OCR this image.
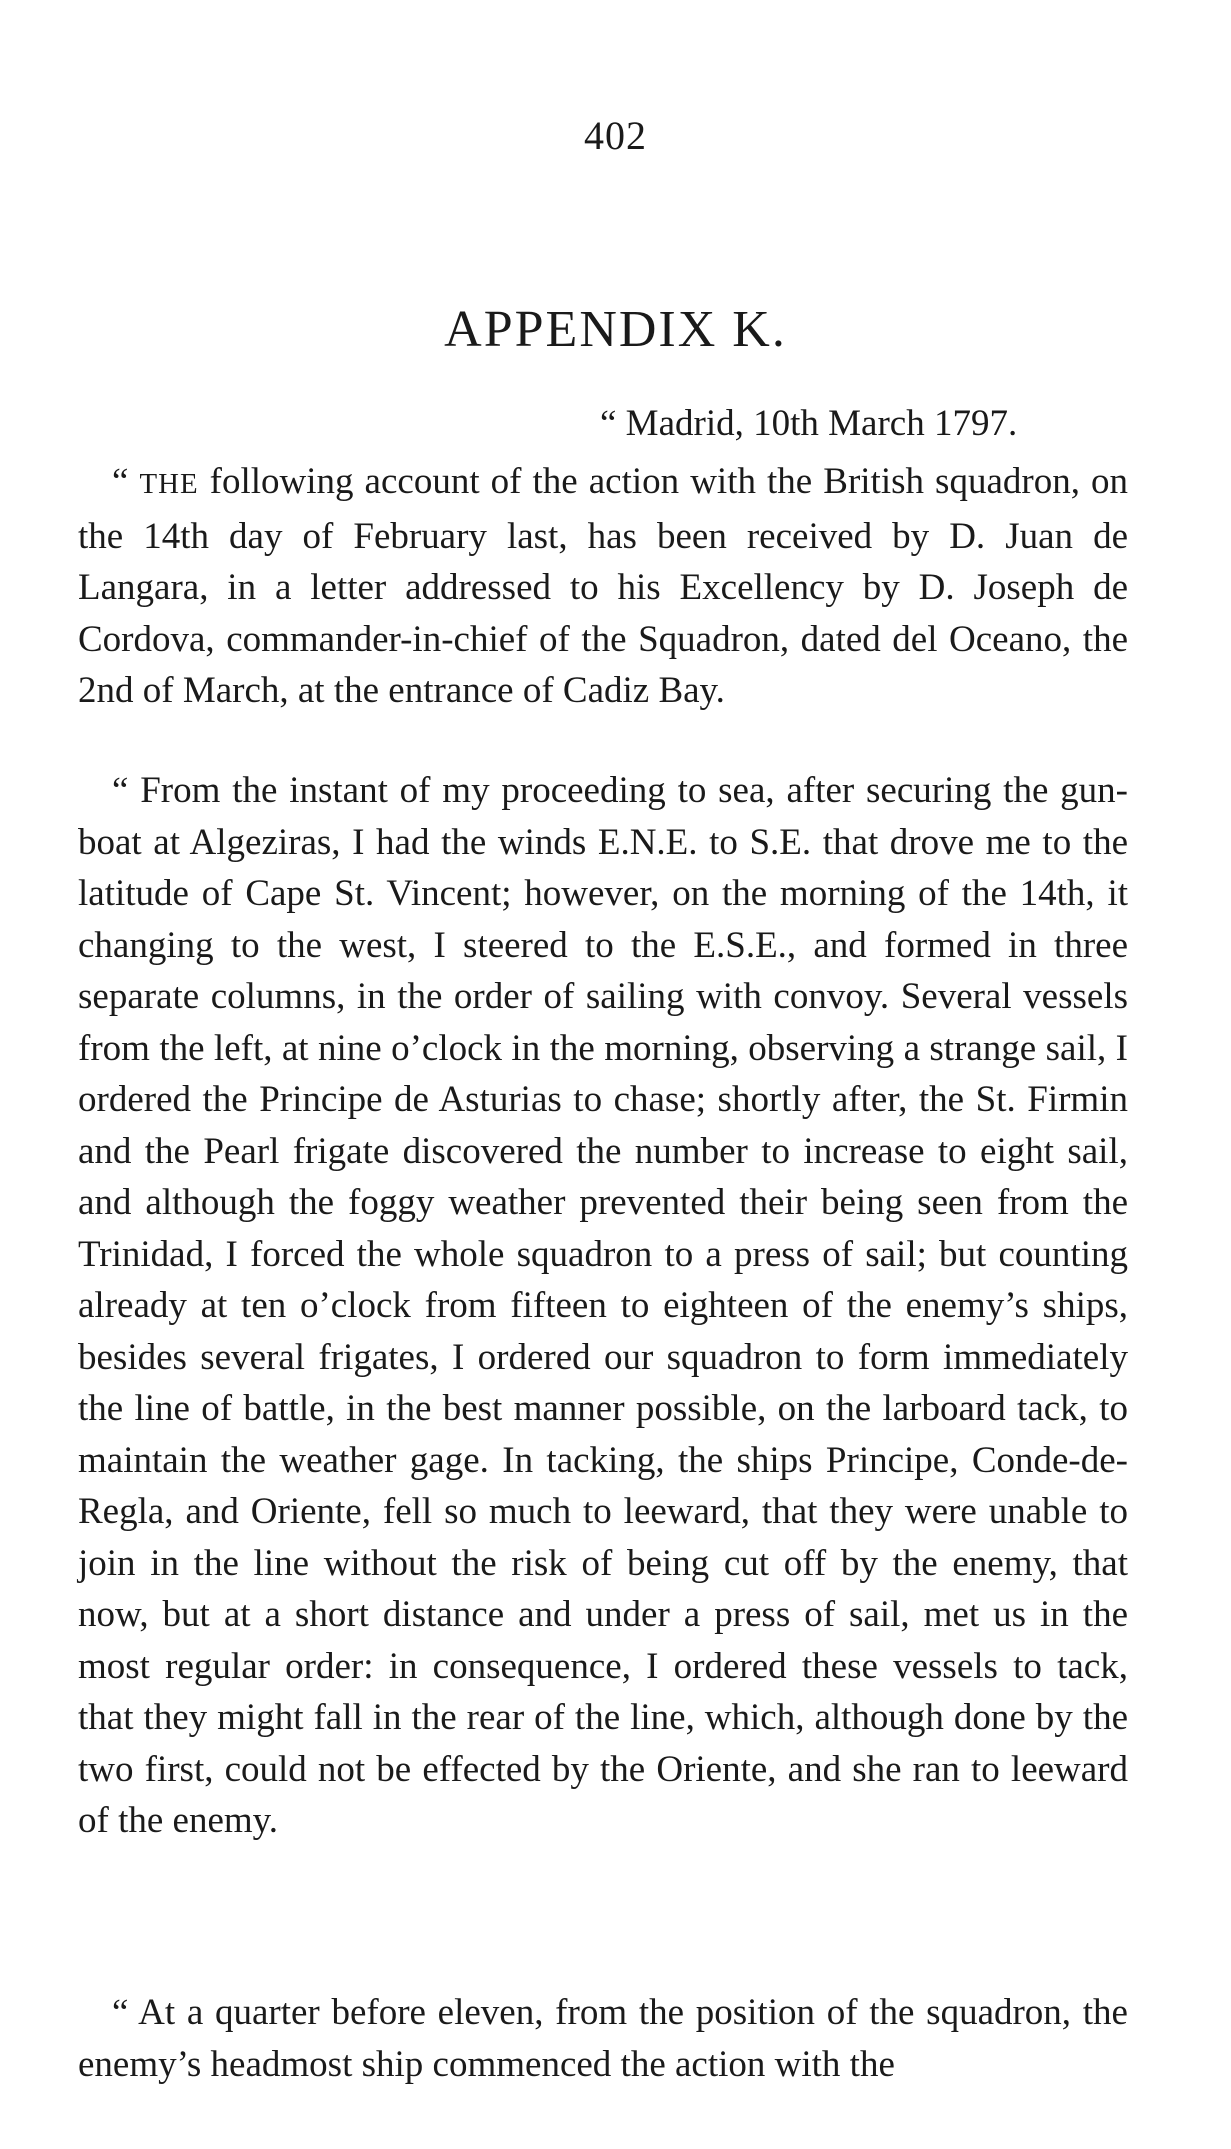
402
APPENDIX K.
“ Madrid, 10th March 1797.

“ THE following account of the action with the British squadron, on the 14th day of February last, has been received by D. Juan de Langara, in a letter addressed to his Excellency by D. Joseph de Cordova, commander-in-chief of the Squadron, dated del Oceano, the 2nd of March, at the entrance of Cadiz Bay.

“ From the instant of my proceeding to sea, after securing the gun-boat at Algeziras, I had the winds E.N.E. to S.E. that drove me to the latitude of Cape St. Vincent; however, on the morning of the 14th, it changing to the west, I steered to the E.S.E., and formed in three separate columns, in the order of sailing with convoy. Several vessels from the left, at nine o’clock in the morning, observing a strange sail, I ordered the Principe de Asturias to chase; shortly after, the St. Firmin and the Pearl frigate discovered the number to increase to eight sail, and although the foggy weather prevented their being seen from the Trinidad, I forced the whole squadron to a press of sail; but counting already at ten o’clock from fifteen to eighteen of the enemy’s ships, besides several frigates, I ordered our squadron to form immediately the line of battle, in the best manner possible, on the larboard tack, to maintain the weather gage. In tacking, the ships Principe, Conde-de-Regla, and Oriente, fell so much to leeward, that they were unable to join in the line without the risk of being cut off by the enemy, that now, but at a short distance and under a press of sail, met us in the most regular order: in consequence, I ordered these vessels to tack, that they might fall in the rear of the line, which, although done by the two first, could not be effected by the Oriente, and she ran to leeward of the enemy.

“ At a quarter before eleven, from the position of the squadron, the enemy’s headmost ship commenced the action with the
